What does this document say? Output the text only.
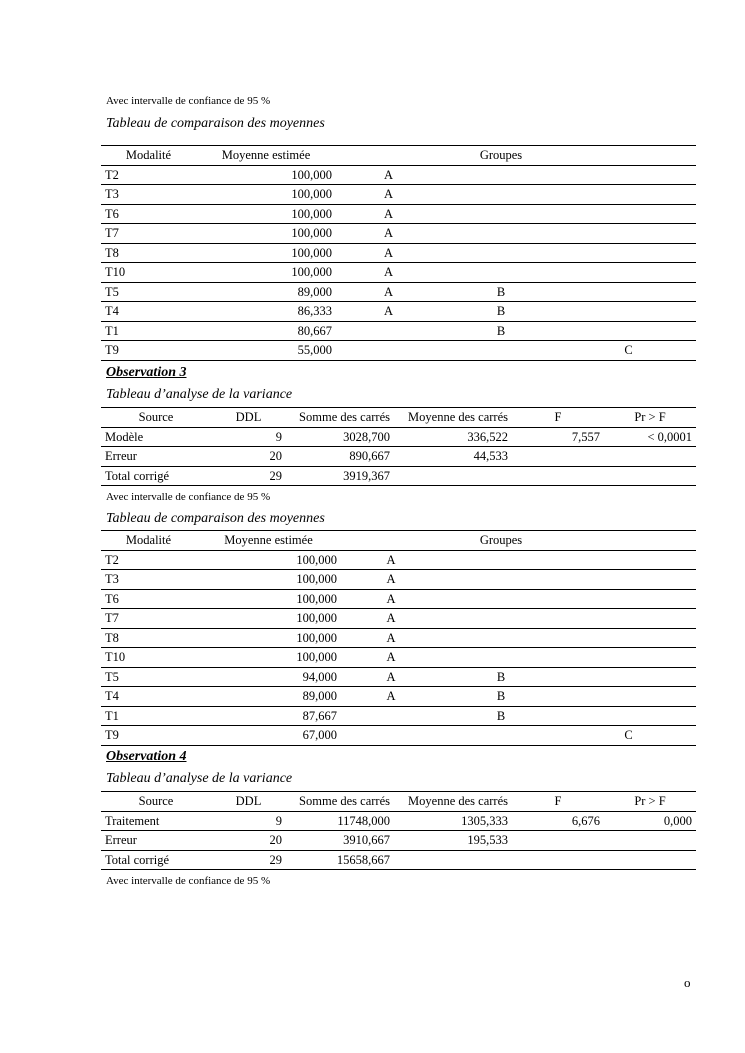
Avec intervalle de confiance de 95 %
Tableau de comparaison des moyennes
Modalité	Moyenne estimée		Groupes	
T2	100,000	A		
T3	100,000	A		
T6	100,000	A		
T7	100,000	A		
T8	100,000	A		
T10	100,000	A		
T5	89,000	A	B	
T4	86,333	A	B	
T1	80,667		B	
T9	55,000			C
Observation 3
Tableau d’analyse de la variance
Source	DDL	Somme des carrés	Moyenne des carrés	F	Pr > F
Modèle	9	3028,700	336,522	7,557	< 0,0001
Erreur	20	890,667	44,533		
Total corrigé	29	3919,367			
Avec intervalle de confiance de 95 %
Tableau de comparaison des moyennes
Modalité	Moyenne estimée		Groupes	
T2	100,000	A		
T3	100,000	A		
T6	100,000	A		
T7	100,000	A		
T8	100,000	A		
T10	100,000	A		
T5	94,000	A	B	
T4	89,000	A	B	
T1	87,667		B	
T9	67,000			C
Observation 4
Tableau d’analyse de la variance
Source	DDL	Somme des carrés	Moyenne des carrés	F	Pr > F
Traitement	9	11748,000	1305,333	6,676	0,000
Erreur	20	3910,667	195,533		
Total corrigé	29	15658,667			
Avec intervalle de confiance de 95 %
o
